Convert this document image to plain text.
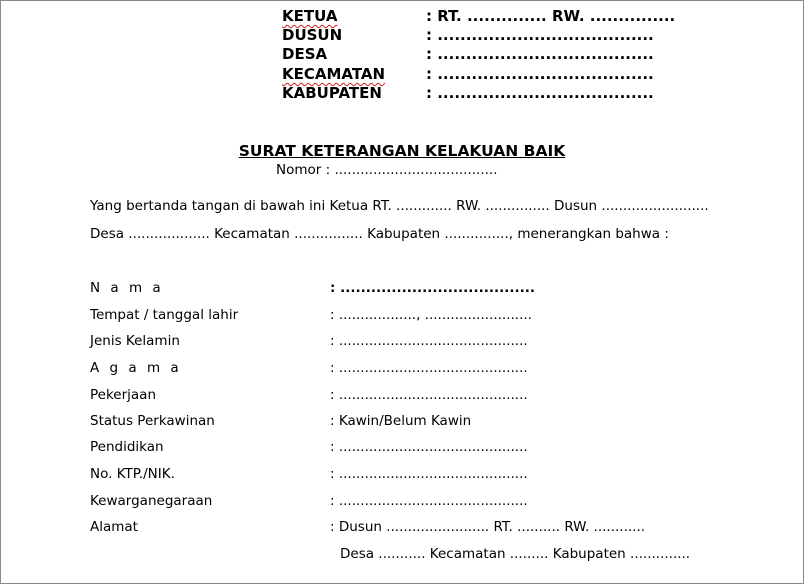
KETUA	: RT. .............. RW. ...............
DUSUN	: ......................................
DESA	: ......................................
KECAMATAN	: ......................................
KABUPATEN	: ......................................
SURAT KETERANGAN KELAKUAN BAIK
Nomor : ......................................
Yang bertanda tangan di bawah ini Ketua RT. ............. RW. ............... Dusun .........................
Desa ................... Kecamatan ................ Kabupaten ..............., menerangkan bahwa :
N a m a	: ......................................
Tempat / tanggal lahir	: .................., .........................
Jenis Kelamin	: ............................................
A g a m a	: ............................................
Pekerjaan	: ............................................
Status Perkawinan	: Kawin/Belum Kawin
Pendidikan	: ............................................
No. KTP./NIK.	: ............................................
Kewarganegaraan	: ............................................
Alamat	: Dusun ........................ RT. .......... RW. ............
Desa ........... Kecamatan ......... Kabupaten ..............
